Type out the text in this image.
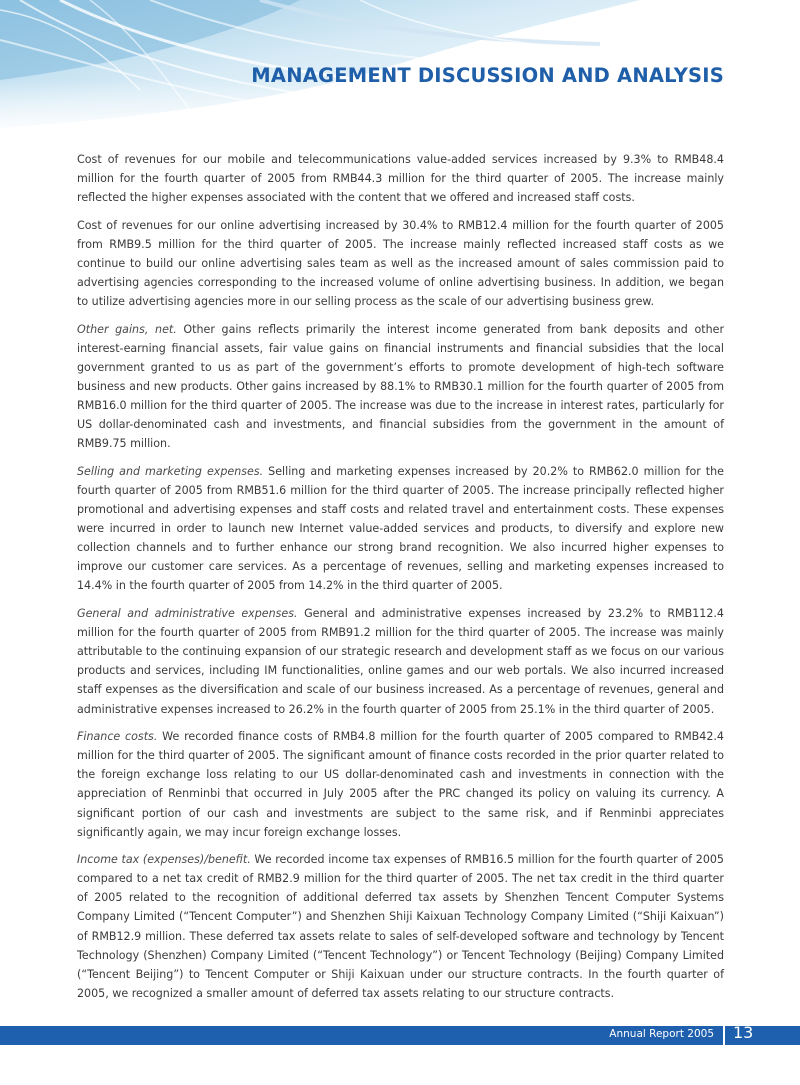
MANAGEMENT DISCUSSION AND ANALYSIS

Cost of revenues for our mobile and telecommunications value-added services increased by 9.3% to RMB48.4 million for the fourth quarter of 2005 from RMB44.3 million for the third quarter of 2005. The increase mainly reflected the higher expenses associated with the content that we offered and increased staff costs.

Cost of revenues for our online advertising increased by 30.4% to RMB12.4 million for the fourth quarter of 2005 from RMB9.5 million for the third quarter of 2005. The increase mainly reflected increased staff costs as we continue to build our online advertising sales team as well as the increased amount of sales commission paid to advertising agencies corresponding to the increased volume of online advertising business. In addition, we began to utilize advertising agencies more in our selling process as the scale of our advertising business grew.

Other gains, net. Other gains reflects primarily the interest income generated from bank deposits and other interest-earning financial assets, fair value gains on financial instruments and financial subsidies that the local government granted to us as part of the government’s efforts to promote development of high-tech software business and new products. Other gains increased by 88.1% to RMB30.1 million for the fourth quarter of 2005 from RMB16.0 million for the third quarter of 2005. The increase was due to the increase in interest rates, particularly for US dollar-denominated cash and investments, and financial subsidies from the government in the amount of RMB9.75 million.

Selling and marketing expenses. Selling and marketing expenses increased by 20.2% to RMB62.0 million for the fourth quarter of 2005 from RMB51.6 million for the third quarter of 2005. The increase principally reflected higher promotional and advertising expenses and staff costs and related travel and entertainment costs. These expenses were incurred in order to launch new Internet value-added services and products, to diversify and explore new collection channels and to further enhance our strong brand recognition. We also incurred higher expenses to improve our customer care services. As a percentage of revenues, selling and marketing expenses increased to 14.4% in the fourth quarter of 2005 from 14.2% in the third quarter of 2005.

General and administrative expenses. General and administrative expenses increased by 23.2% to RMB112.4 million for the fourth quarter of 2005 from RMB91.2 million for the third quarter of 2005. The increase was mainly attributable to the continuing expansion of our strategic research and development staff as we focus on our various products and services, including IM functionalities, online games and our web portals. We also incurred increased staff expenses as the diversification and scale of our business increased. As a percentage of revenues, general and administrative expenses increased to 26.2% in the fourth quarter of 2005 from 25.1% in the third quarter of 2005.

Finance costs. We recorded finance costs of RMB4.8 million for the fourth quarter of 2005 compared to RMB42.4 million for the third quarter of 2005. The significant amount of finance costs recorded in the prior quarter related to the foreign exchange loss relating to our US dollar-denominated cash and investments in connection with the appreciation of Renminbi that occurred in July 2005 after the PRC changed its policy on valuing its currency. A significant portion of our cash and investments are subject to the same risk, and if Renminbi appreciates significantly again, we may incur foreign exchange losses.

Income tax (expenses)/benefit. We recorded income tax expenses of RMB16.5 million for the fourth quarter of 2005 compared to a net tax credit of RMB2.9 million for the third quarter of 2005. The net tax credit in the third quarter of 2005 related to the recognition of additional deferred tax assets by Shenzhen Tencent Computer Systems Company Limited (“Tencent Computer”) and Shenzhen Shiji Kaixuan Technology Company Limited (“Shiji Kaixuan”) of RMB12.9 million. These deferred tax assets relate to sales of self-developed software and technology by Tencent Technology (Shenzhen) Company Limited (“Tencent Technology”) or Tencent Technology (Beijing) Company Limited (“Tencent Beijing”) to Tencent Computer or Shiji Kaixuan under our structure contracts. In the fourth quarter of 2005, we recognized a smaller amount of deferred tax assets relating to our structure contracts.

Annual Report 2005 13
